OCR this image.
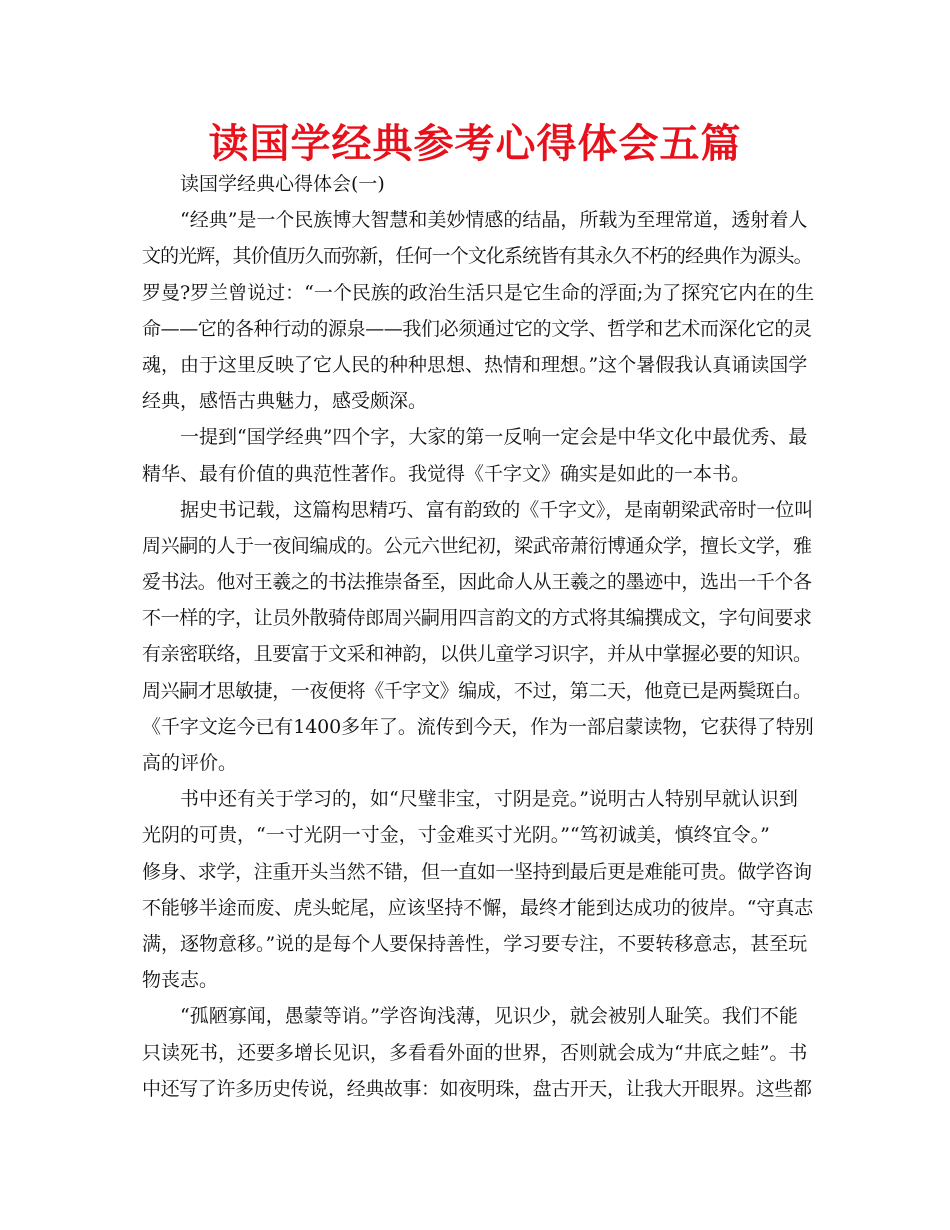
读国学经典参考心得体会五篇
读国学经典心得体会(一)
“经典”是一个民族博大智慧和美妙情感的结晶，所载为至理常道，透射着人
文的光辉，其价值历久而弥新，任何一个文化系统皆有其永久不朽的经典作为源头。
罗曼?罗兰曾说过：“一个民族的政治生活只是它生命的浮面;为了探究它内在的生
命——它的各种行动的源泉——我们必须通过它的文学、哲学和艺术而深化它的灵
魂，由于这里反映了它人民的种种思想、热情和理想。”这个暑假我认真诵读国学
经典，感悟古典魅力，感受颇深。
一提到“国学经典”四个字，大家的第一反响一定会是中华文化中最优秀、最
精华、最有价值的典范性著作。我觉得《千字文》确实是如此的一本书。
据史书记载，这篇构思精巧、富有韵致的《千字文》，是南朝梁武帝时一位叫
周兴嗣的人于一夜间编成的。公元六世纪初，梁武帝萧衍博通众学，擅长文学，雅
爱书法。他对王羲之的书法推崇备至，因此命人从王羲之的墨迹中，选出一千个各
不一样的字，让员外散骑侍郎周兴嗣用四言韵文的方式将其编撰成文，字句间要求
有亲密联络，且要富于文采和神韵，以供儿童学习识字，并从中掌握必要的知识。
周兴嗣才思敏捷，一夜便将《千字文》编成，不过，第二天，他竟已是两鬓斑白。
《千字文迄今已有1400多年了。流传到今天，作为一部启蒙读物，它获得了特别
高的评价。
书中还有关于学习的，如“尺璧非宝，寸阴是竞。”说明古人特别早就认识到
光阴的可贵，“一寸光阴一寸金，寸金难买寸光阴。”“笃初诚美，慎终宜令。”
修身、求学，注重开头当然不错，但一直如一坚持到最后更是难能可贵。做学咨询
不能够半途而废、虎头蛇尾，应该坚持不懈，最终才能到达成功的彼岸。“守真志
满，逐物意移。”说的是每个人要保持善性，学习要专注，不要转移意志，甚至玩
物丧志。
“孤陋寡闻，愚蒙等诮。”学咨询浅薄，见识少，就会被别人耻笑。我们不能
只读死书，还要多增长见识，多看看外面的世界，否则就会成为“井底之蛙”。书
中还写了许多历史传说，经典故事：如夜明珠，盘古开天，让我大开眼界。这些都
